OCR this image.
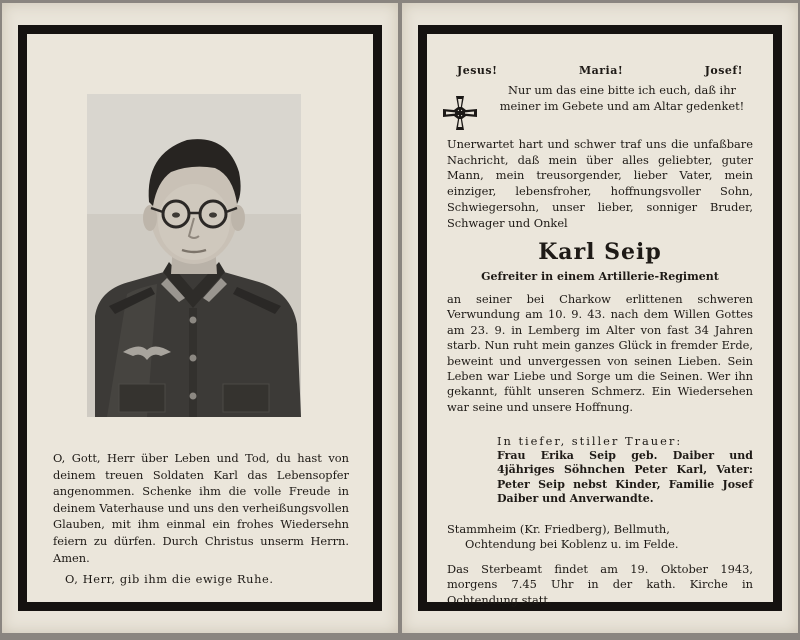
O, Gott, Herr über Leben und Tod, du hast von deinem treuen Soldaten Karl das Lebensopfer angenommen. Schenke ihm die volle Freude in deinem Vaterhause und uns den verheißungsvollen Glauben, mit ihm einmal ein frohes Wiedersehn feiern zu dürfen. Durch Christus unserm Herrn. Amen.
O, Herr, gib ihm die ewige Ruhe.
Jesus!	Maria!	Josef!
Nur um das eine bitte ich euch, daß ihr meiner im Gebete und am Altar gedenket!
Unerwartet hart und schwer traf uns die unfaßbare Nachricht, daß mein über alles geliebter, guter Mann, mein treusorgender, lieber Vater, mein einziger, lebensfroher, hoffnungsvoller Sohn, Schwiegersohn, unser lieber, sonniger Bruder, Schwager und Onkel
Karl Seip
Gefreiter in einem Artillerie-Regiment
an seiner bei Charkow erlittenen schweren Verwundung am 10. 9. 43. nach dem Willen Gottes am 23. 9. in Lemberg im Alter von fast 34 Jahren starb. Nun ruht mein ganzes Glück in fremder Erde, beweint und unvergessen von seinen Lieben. Sein Leben war Liebe und Sorge um die Seinen. Wer ihn gekannt, fühlt unseren Schmerz. Ein Wiedersehen war seine und unsere Hoffnung.
In tiefer, stiller Trauer:
Frau Erika Seip geb. Daiber und 4jähriges Söhnchen Peter Karl, Vater: Peter Seip nebst Kinder, Familie Josef Daiber und Anverwandte.
Stammheim (Kr. Friedberg), Bellmuth,
Ochtendung bei Koblenz u. im Felde.
Das Sterbeamt findet am 19. Oktober 1943, morgens 7.45 Uhr in der kath. Kirche in Ochtendung statt.
